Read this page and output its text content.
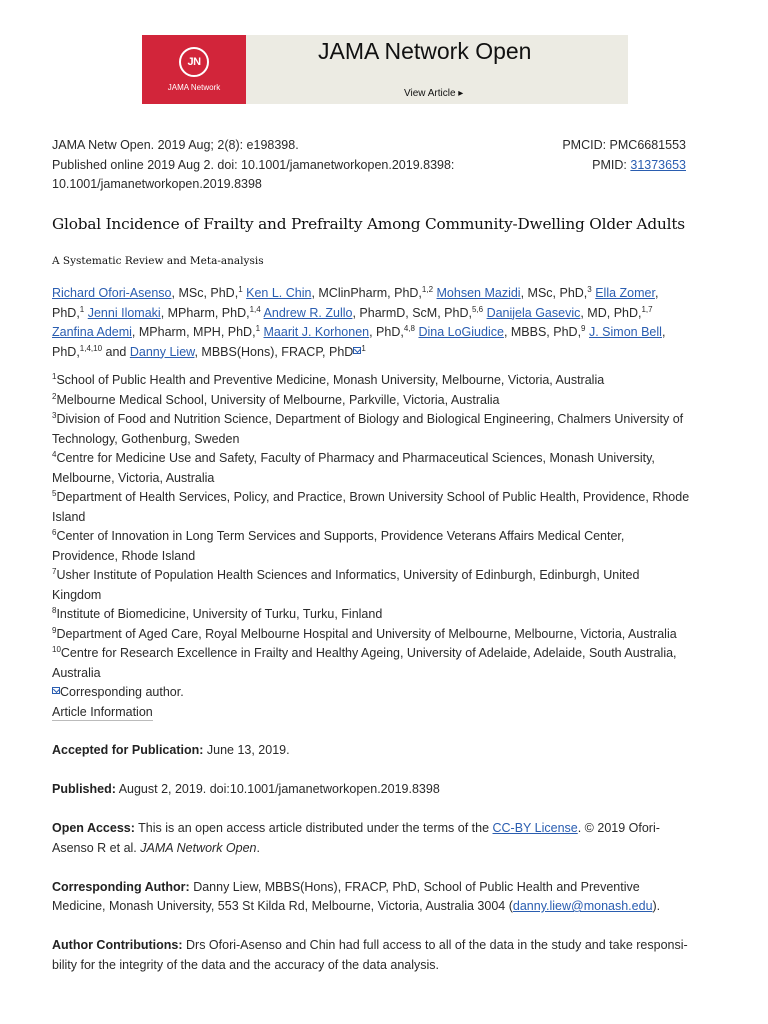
JN
JAMA Network
JAMA Network Open
View Article ▸
JAMA Netw Open. 2019 Aug; 2(8): e198398.
Published online 2019 Aug 2. doi: 10.1001/jamanetworkopen.2019.8398:
10.1001/jamanetworkopen.2019.8398
PMCID: PMC6681553
PMID: 31373653
Global Incidence of Frailty and Prefrailty Among Community-Dwelling Older Adults
A Systematic Review and Meta-analysis
Richard Ofori-Asenso, MSc, PhD,$^1$ Ken L. Chin, MClinPharm, PhD,$^{1,2}$ Mohsen Mazidi, MSc, PhD,$^3$ Ella Zomer, PhD,$^1$ Jenni Ilomaki, MPharm, PhD,$^{1,4}$ Andrew R. Zullo, PharmD, ScM, PhD,$^{5,6}$ Danijela Gasevic, MD, PhD,$^{1,7}$ Zanfina Ademi, MPharm, MPH, PhD,$^1$ Maarit J. Korhonen, PhD,$^{4,8}$ Dina LoGiudice, MBBS, PhD,$^9$ J. Simon Bell, PhD,$^{1,4,10}$ and Danny Liew, MBBS(Hons), FRACP, PhD $^1$

$^1$School of Public Health and Preventive Medicine, Monash University, Melbourne, Victoria, Australia

$^2$Melbourne Medical School, University of Melbourne, Parkville, Victoria, Australia

$^3$Division of Food and Nutrition Science, Department of Biology and Biological Engineering, Chalmers University of Technology, Gothenburg, Sweden

$^4$Centre for Medicine Use and Safety, Faculty of Pharmacy and Pharmaceutical Sciences, Monash University, Melbourne, Victoria, Australia

$^5$Department of Health Services, Policy, and Practice, Brown University School of Public Health, Providence, Rhode Island

$^6$Center of Innovation in Long Term Services and Supports, Providence Veterans Affairs Medical Center, Providence, Rhode Island

$^7$Usher Institute of Population Health Sciences and Informatics, University of Edinburgh, Edinburgh, United Kingdom

$^8$Institute of Biomedicine, University of Turku, Turku, Finland

$^9$Department of Aged Care, Royal Melbourne Hospital and University of Melbourne, Melbourne, Victoria, Australia

$^{10}$Centre for Research Excellence in Frailty and Healthy Ageing, University of Adelaide, Adelaide, South Australia, Australia

Corresponding author.

Article Information

Accepted for Publication: June 13, 2019.

Published: August 2, 2019. doi:10.1001/jamanetworkopen.2019.8398

Open Access: This is an open access article distributed under the terms of the CC-BY License. © 2019 Ofori-Asenso R et al. JAMA Network Open.

Corresponding Author: Danny Liew, MBBS(Hons), FRACP, PhD, School of Public Health and Preventive Medicine, Monash University, 553 St Kilda Rd, Melbourne, Victoria, Australia 3004 (danny.liew@monash.edu).

Author Contributions: Drs Ofori-Asenso and Chin had full access to all of the data in the study and take responsi-bility for the integrity of the data and the accuracy of the data analysis.
